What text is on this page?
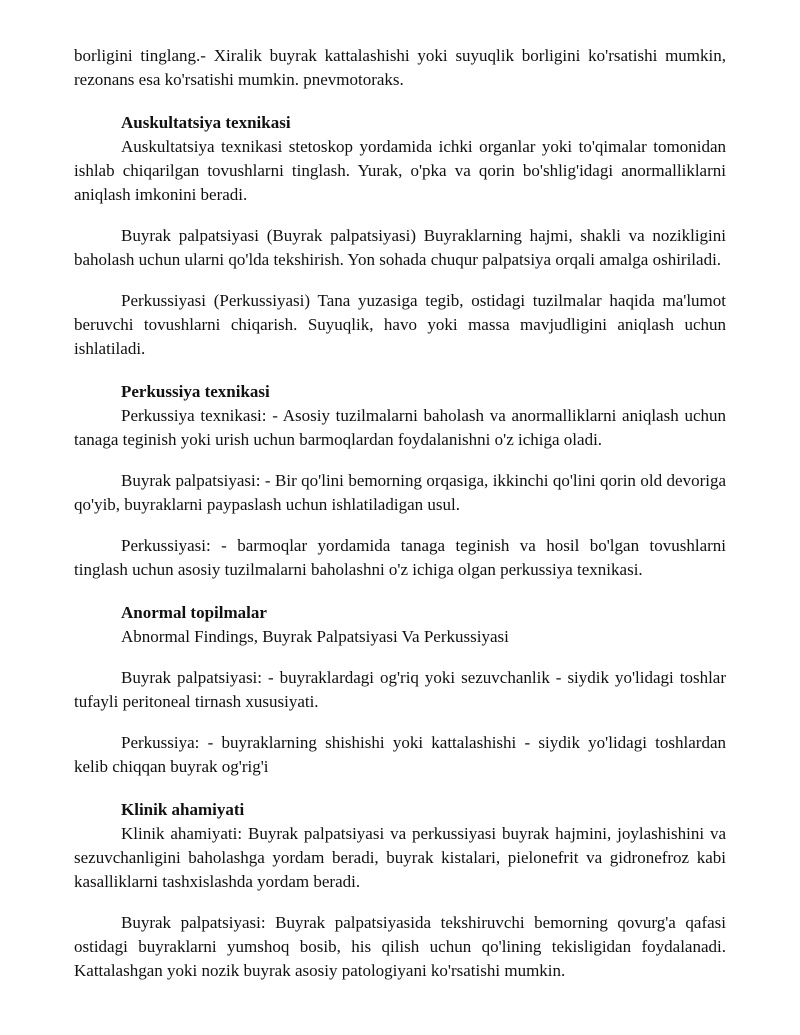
borligini tinglang.- Xiralik buyrak kattalashishi yoki suyuqlik borligini ko'rsatishi mumkin, rezonans esa ko'rsatishi mumkin. pnevmotoraks.

Auskultatsiya texnikasi

Auskultatsiya texnikasi stetoskop yordamida ichki organlar yoki to'qimalar tomonidan ishlab chiqarilgan tovushlarni tinglash. Yurak, o'pka va qorin bo'shlig'idagi anormalliklarni aniqlash imkonini beradi.

Buyrak palpatsiyasi (Buyrak palpatsiyasi) Buyraklarning hajmi, shakli va nozikligini baholash uchun ularni qo'lda tekshirish. Yon sohada chuqur palpatsiya orqali amalga oshiriladi.

Perkussiyasi (Perkussiyasi) Tana yuzasiga tegib, ostidagi tuzilmalar haqida ma'lumot beruvchi tovushlarni chiqarish. Suyuqlik, havo yoki massa mavjudligini aniqlash uchun ishlatiladi.

Perkussiya texnikasi

Perkussiya texnikasi: - Asosiy tuzilmalarni baholash va anormalliklarni aniqlash uchun tanaga teginish yoki urish uchun barmoqlardan foydalanishni o'z ichiga oladi.

Buyrak palpatsiyasi: - Bir qo'lini bemorning orqasiga, ikkinchi qo'lini qorin old devoriga qo'yib, buyraklarni paypaslash uchun ishlatiladigan usul.

Perkussiyasi: - barmoqlar yordamida tanaga teginish va hosil bo'lgan tovushlarni tinglash uchun asosiy tuzilmalarni baholashni o'z ichiga olgan perkussiya texnikasi.

Anormal topilmalar

Abnormal Findings, Buyrak Palpatsiyasi Va Perkussiyasi

Buyrak palpatsiyasi: - buyraklardagi og'riq yoki sezuvchanlik - siydik yo'lidagi toshlar tufayli peritoneal tirnash xususiyati.

Perkussiya: - buyraklarning shishishi yoki kattalashishi - siydik yo'lidagi toshlardan kelib chiqqan buyrak og'rig'i

Klinik ahamiyati

Klinik ahamiyati: Buyrak palpatsiyasi va perkussiyasi buyrak hajmini, joylashishini va sezuvchanligini baholashga yordam beradi, buyrak kistalari, pielonefrit va gidronefroz kabi kasalliklarni tashxislashda yordam beradi.

Buyrak palpatsiyasi: Buyrak palpatsiyasida tekshiruvchi bemorning qovurg'a qafasi ostidagi buyraklarni yumshoq bosib, his qilish uchun qo'lining tekisligidan foydalanadi. Kattalashgan yoki nozik buyrak asosiy patologiyani ko'rsatishi mumkin.
